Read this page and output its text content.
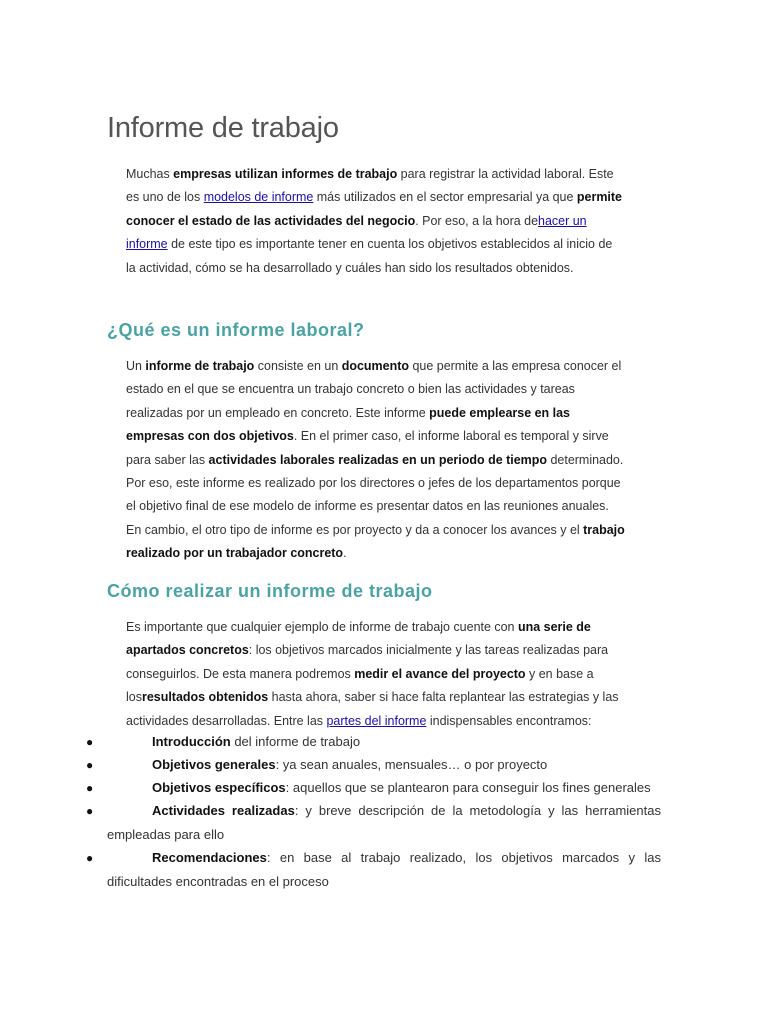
Informe de trabajo

Muchas empresas utilizan informes de trabajo para registrar la actividad laboral. Este es uno de los modelos de informe más utilizados en el sector empresarial ya que permite conocer el estado de las actividades del negocio. Por eso, a la hora dehacer un informe de este tipo es importante tener en cuenta los objetivos establecidos al inicio de la actividad, cómo se ha desarrollado y cuáles han sido los resultados obtenidos.

¿Qué es un informe laboral?

Un informe de trabajo consiste en un documento que permite a las empresa conocer el estado en el que se encuentra un trabajo concreto o bien las actividades y tareas realizadas por un empleado en concreto. Este informe puede emplearse en las empresas con dos objetivos. En el primer caso, el informe laboral es temporal y sirve para saber las actividades laborales realizadas en un periodo de tiempo determinado. Por eso, este informe es realizado por los directores o jefes de los departamentos porque el objetivo final de ese modelo de informe es presentar datos en las reuniones anuales. En cambio, el otro tipo de informe es por proyecto y da a conocer los avances y el trabajo realizado por un trabajador concreto.

Cómo realizar un informe de trabajo

Es importante que cualquier ejemplo de informe de trabajo cuente con una serie de apartados concretos: los objetivos marcados inicialmente y las tareas realizadas para conseguirlos. De esta manera podremos medir el avance del proyecto y en base a losresultados obtenidos hasta ahora, saber si hace falta replantear las estrategias y las actividades desarrolladas. Entre las partes del informe indispensables encontramos:

●	Introducción del informe de trabajo

●	Objetivos generales: ya sean anuales, mensuales… o por proyecto

●	Objetivos específicos: aquellos que se plantearon para conseguir los fines generales

●	Actividades realizadas: y breve descripción de la metodología y las herramientas empleadas para ello

●	Recomendaciones: en base al trabajo realizado, los objetivos marcados y las dificultades encontradas en el proceso
